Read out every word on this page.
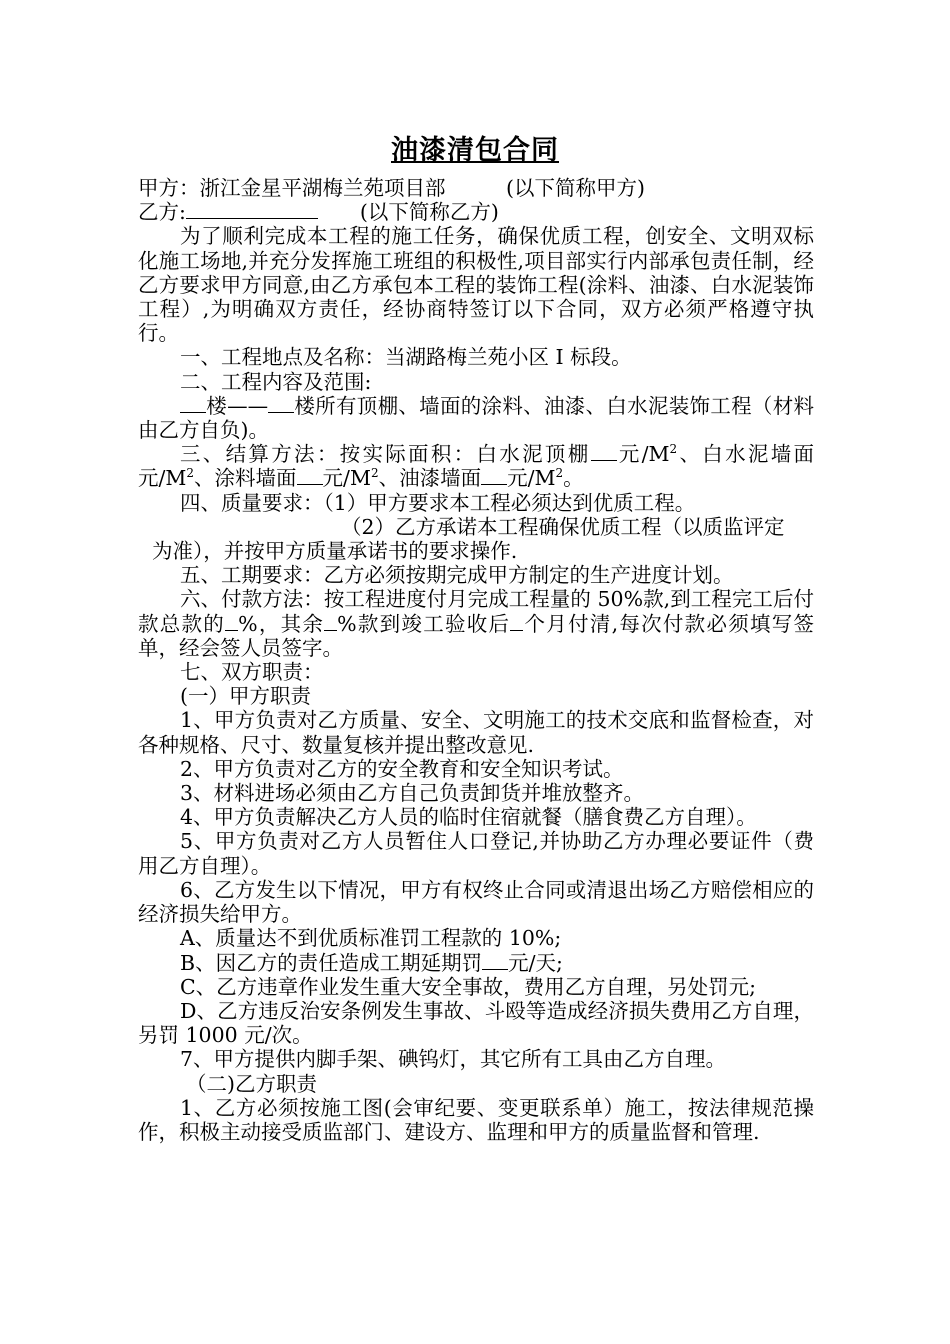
油漆清包合同

甲方：浙江金星平湖梅兰苑项目部	(以下简称甲方)

乙方:	(以下简称乙方)

为了顺利完成本工程的施工任务，确保优质工程，创安全、文明双标化施工场地,并充分发挥施工班组的积极性,项目部实行内部承包责任制，经乙方要求甲方同意,由乙方承包本工程的装饰工程(涂料、油漆、白水泥装饰工程）,为明确双方责任，经协商特签订以下合同，双方必须严格遵守执行。

一、工程地点及名称：当湖路梅兰苑小区 I 标段。

二、工程内容及范围:

楼—— 楼所有顶棚、墙面的涂料、油漆、白水泥装饰工程（材料由乙方自负)。

三、结算方法：按实际面积：白水泥顶棚 元$/M^2$、白水泥墙面元$/M^2$、涂料墙面 元$/M^2$、油漆墙面 元$/M^2$。

四、质量要求：（1）甲方要求本工程必须达到优质工程。

（2）乙方承诺本工程确保优质工程（以质监评定

为准），并按甲方质量承诺书的要求操作.

五、工期要求：乙方必须按期完成甲方制定的生产进度计划。

六、付款方法：按工程进度付月完成工程量的 50%款,到工程完工后付款总款的 %，其余 %款到竣工验收后 个月付清,每次付款必须填写签单，经会签人员签字。

七、双方职责：

(一）甲方职责

1、甲方负责对乙方质量、安全、文明施工的技术交底和监督检查，对各种规格、尺寸、数量复核并提出整改意见.

2、甲方负责对乙方的安全教育和安全知识考试。

3、材料进场必须由乙方自己负责卸货并堆放整齐。

4、甲方负责解决乙方人员的临时住宿就餐（膳食费乙方自理）。

5、甲方负责对乙方人员暂住人口登记,并协助乙方办理必要证件（费用乙方自理）。

6、乙方发生以下情况，甲方有权终止合同或清退出场乙方赔偿相应的经济损失给甲方。

A、质量达不到优质标准罚工程款的 10%;

B、因乙方的责任造成工期延期罚 元/天;

C、乙方违章作业发生重大安全事故，费用乙方自理，另处罚元;

D、乙方违反治安条例发生事故、斗殴等造成经济损失费用乙方自理，另罚 1000 元/次。

7、甲方提供内脚手架、碘钨灯，其它所有工具由乙方自理。

（二)乙方职责

1、乙方必须按施工图(会审纪要、变更联系单）施工，按法律规范操作，积极主动接受质监部门、建设方、监理和甲方的质量监督和管理.
